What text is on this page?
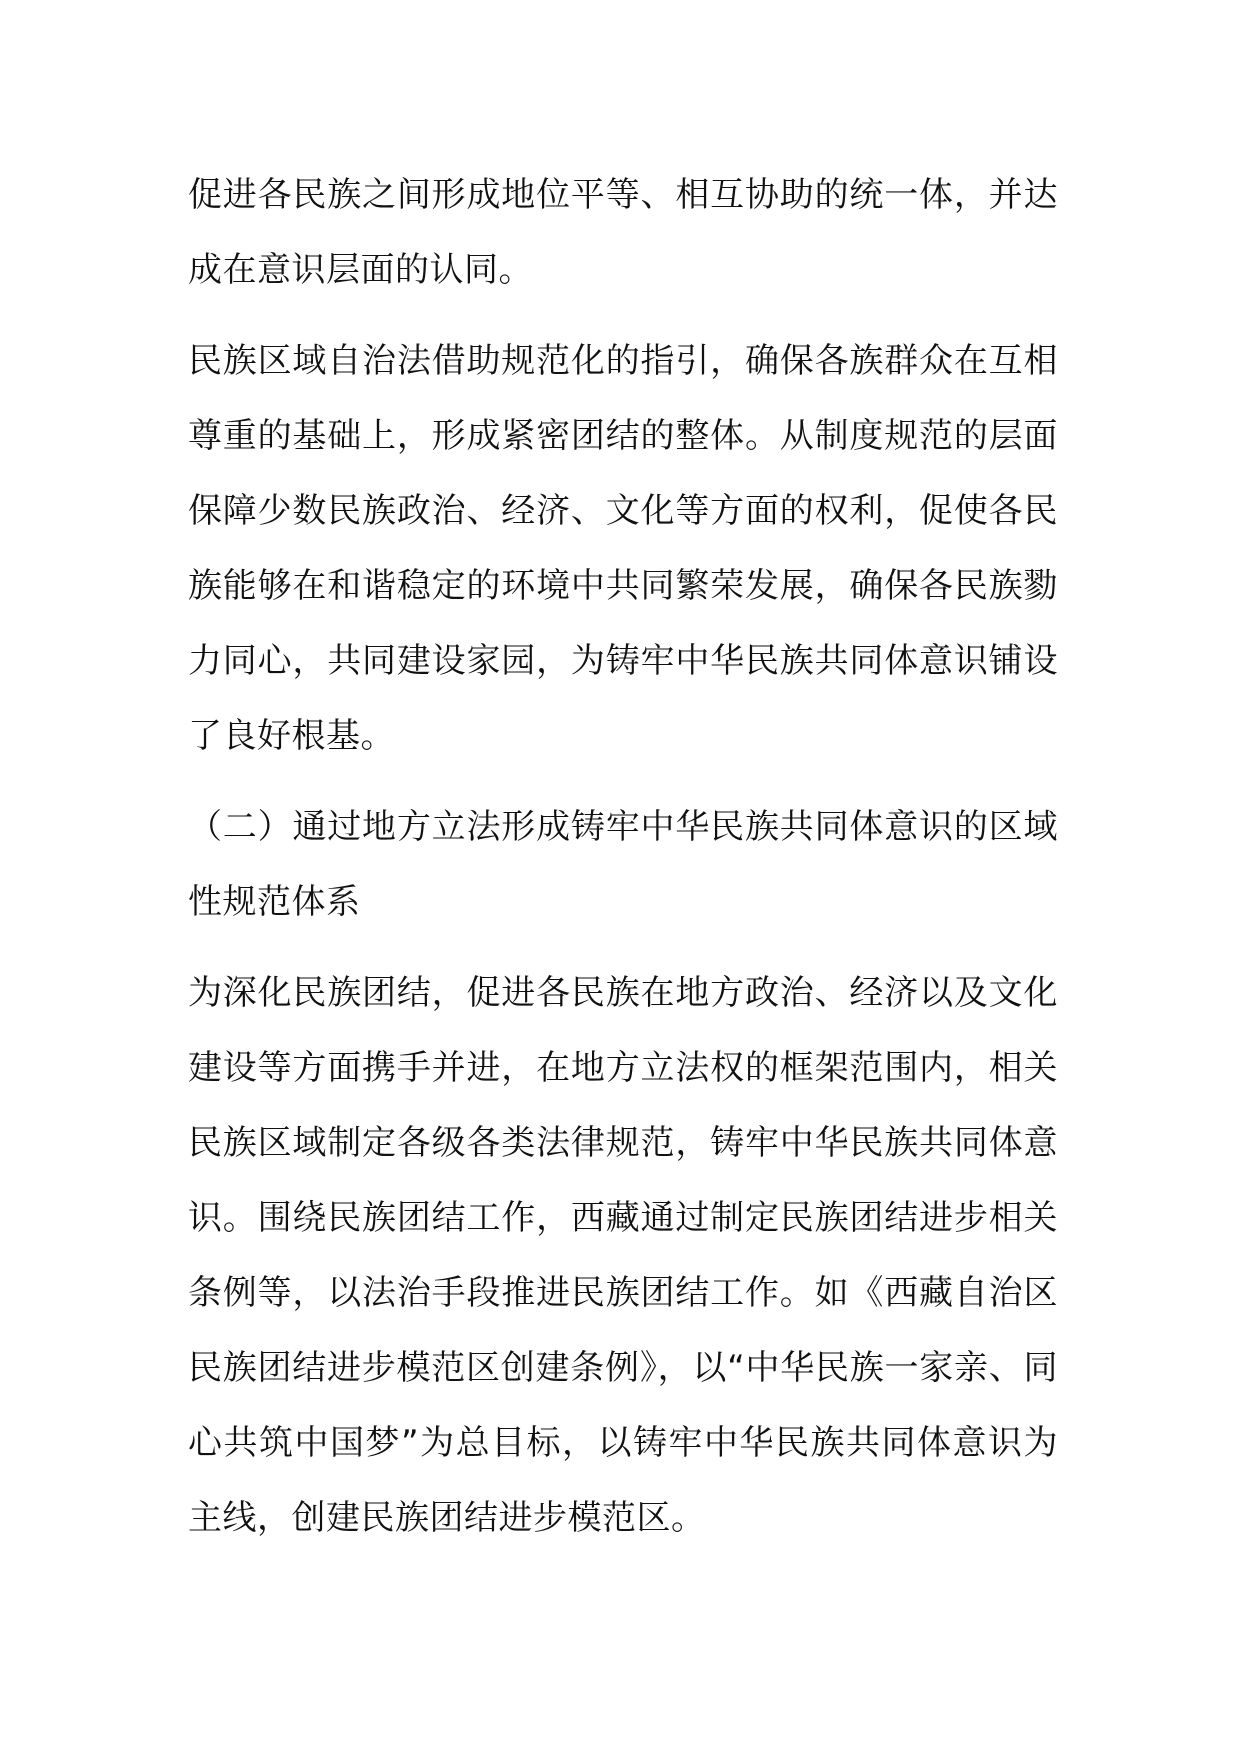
促进各民族之间形成地位平等、相互协助的统一体，并达成在意识层面的认同。

民族区域自治法借助规范化的指引，确保各族群众在互相尊重的基础上，形成紧密团结的整体。从制度规范的层面保障少数民族政治、经济、文化等方面的权利，促使各民族能够在和谐稳定的环境中共同繁荣发展，确保各民族勠力同心，共同建设家园，为铸牢中华民族共同体意识铺设了良好根基。

（二）通过地方立法形成铸牢中华民族共同体意识的区域性规范体系

为深化民族团结，促进各民族在地方政治、经济以及文化建设等方面携手并进，在地方立法权的框架范围内，相关民族区域制定各级各类法律规范，铸牢中华民族共同体意识。围绕民族团结工作，西藏通过制定民族团结进步相关条例等，以法治手段推进民族团结工作。如《西藏自治区民族团结进步模范区创建条例》，以“中华民族一家亲、同心共筑中国梦”为总目标，以铸牢中华民族共同体意识为主线，创建民族团结进步模范区。
